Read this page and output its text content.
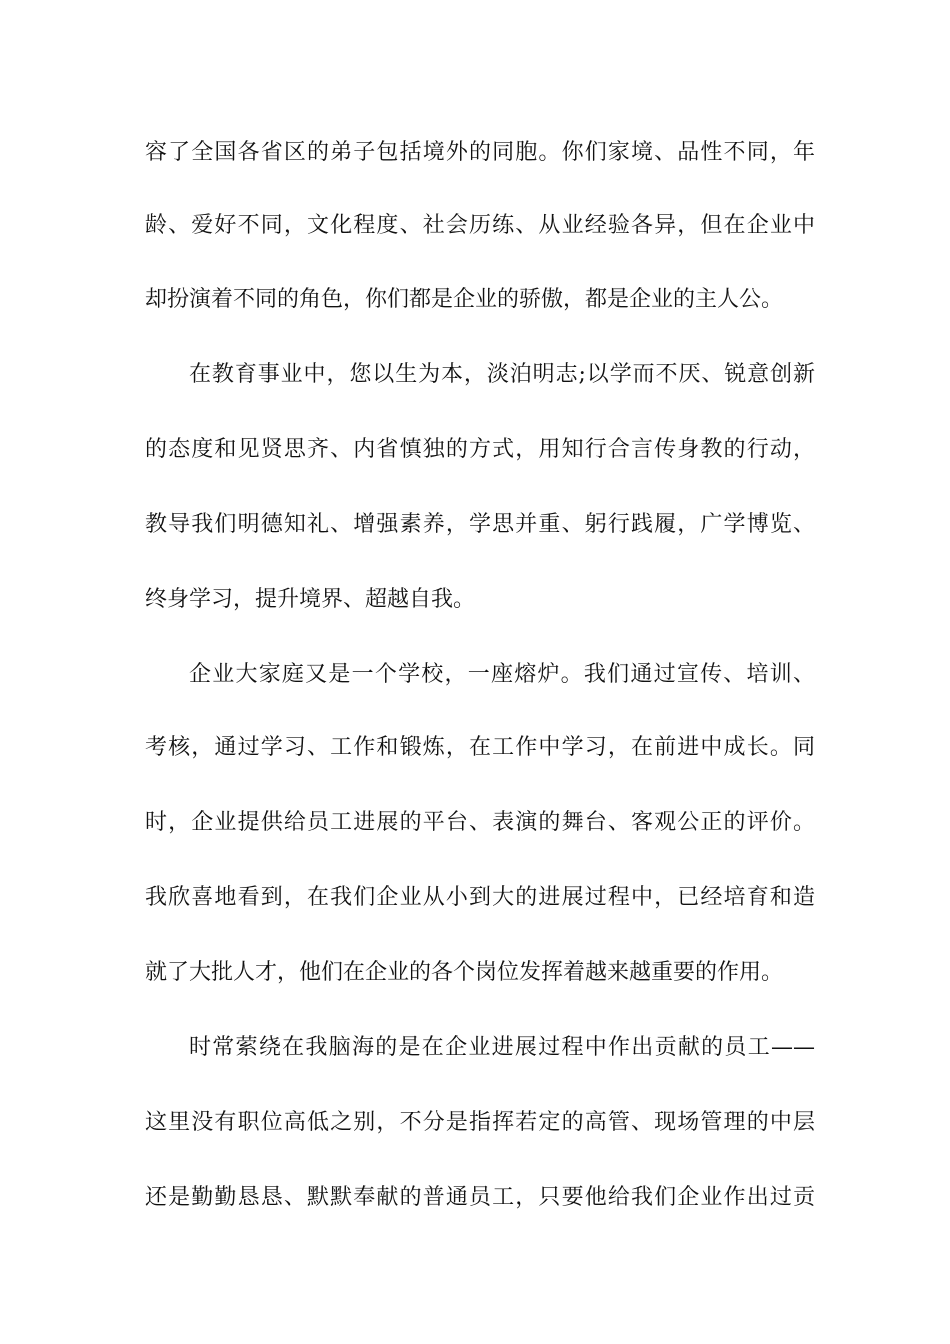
容了全国各省区的弟子包括境外的同胞。你们家境、品性不同，年
龄、爱好不同，文化程度、社会历练、从业经验各异，但在企业中
却扮演着不同的角色，你们都是企业的骄傲，都是企业的主人公。
在教育事业中，您以生为本，淡泊明志;以学而不厌、锐意创新
的态度和见贤思齐、内省慎独的方式，用知行合言传身教的行动，
教导我们明德知礼、增强素养，学思并重、躬行践履，广学博览、
终身学习，提升境界、超越自我。
企业大家庭又是一个学校，一座熔炉。我们通过宣传、培训、
考核，通过学习、工作和锻炼，在工作中学习，在前进中成长。同
时，企业提供给员工进展的平台、表演的舞台、客观公正的评价。
我欣喜地看到，在我们企业从小到大的进展过程中，已经培育和造
就了大批人才，他们在企业的各个岗位发挥着越来越重要的作用。
时常萦绕在我脑海的是在企业进展过程中作出贡献的员工——
这里没有职位高低之别，不分是指挥若定的高管、现场管理的中层
还是勤勤恳恳、默默奉献的普通员工，只要他给我们企业作出过贡
